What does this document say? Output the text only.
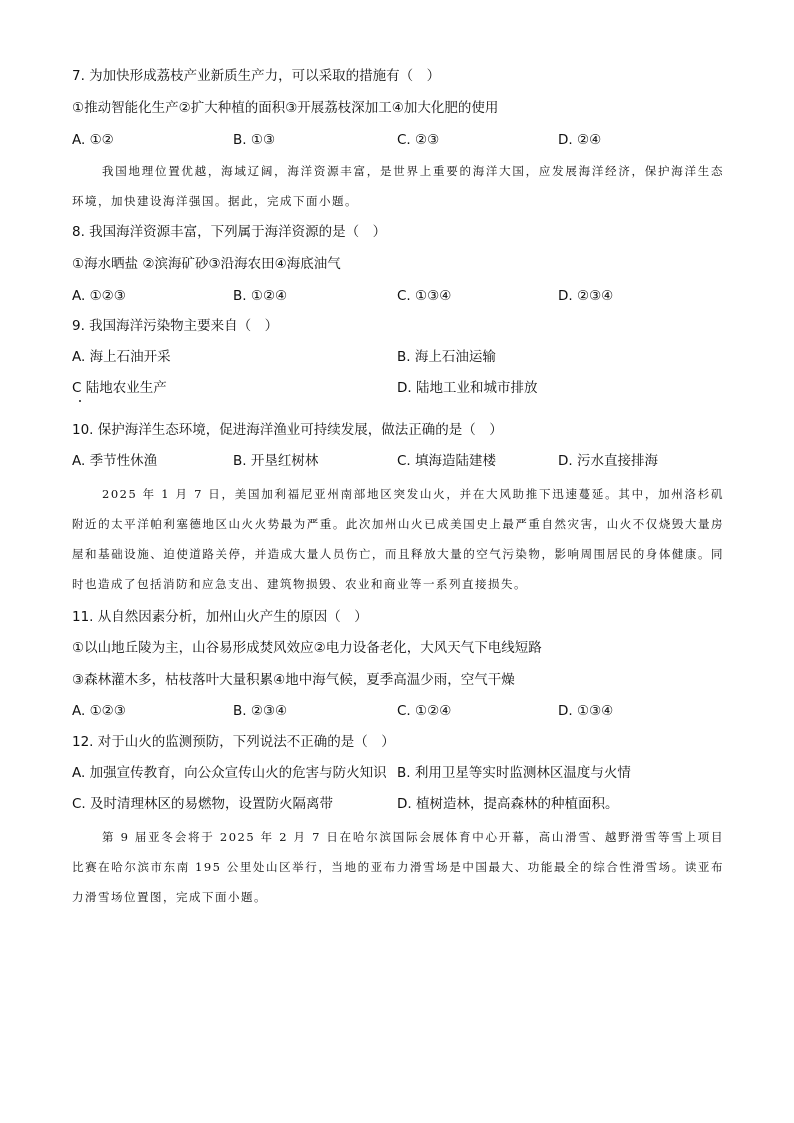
7. 为加快形成荔枝产业新质生产力，可以采取的措施有（　）
①推动智能化生产②扩大种植的面积③开展荔枝深加工④加大化肥的使用
A. ①②	B. ①③	C. ②③	D. ②④
我国地理位置优越，海域辽阔，海洋资源丰富，是世界上重要的海洋大国，应发展海洋经济，保护海洋生态环境，加快建设海洋强国。据此，完成下面小题。
8. 我国海洋资源丰富，下列属于海洋资源的是（　）
①海水晒盐 ②滨海矿砂③沿海农田④海底油气
A. ①②③	B. ①②④	C. ①③④	D. ②③④
9. 我国海洋污染物主要来自（　）
A. 海上石油开采	B. 海上石油运输
C 陆地农业生产	D. 陆地工业和城市排放
10. 保护海洋生态环境，促进海洋渔业可持续发展，做法正确的是（　）
A. 季节性休渔	B. 开垦红树林	C. 填海造陆建楼	D. 污水直接排海
2025 年 1 月 7 日，美国加利福尼亚州南部地区突发山火，并在大风助推下迅速蔓延。其中，加州洛杉矶附近的太平洋帕利塞德地区山火火势最为严重。此次加州山火已成美国史上最严重自然灾害，山火不仅烧毁大量房屋和基础设施、迫使道路关停，并造成大量人员伤亡，而且释放大量的空气污染物，影响周围居民的身体健康。同时也造成了包括消防和应急支出、建筑物损毁、农业和商业等一系列直接损失。
11. 从自然因素分析，加州山火产生的原因（　）
①以山地丘陵为主，山谷易形成焚风效应②电力设备老化，大风天气下电线短路
③森林灌木多，枯枝落叶大量积累④地中海气候，夏季高温少雨，空气干燥
A. ①②③	B. ②③④	C. ①②④	D. ①③④
12. 对于山火的监测预防，下列说法不正确的是（　）
A. 加强宣传教育，向公众宣传山火的危害与防火知识 B. 利用卫星等实时监测林区温度与火情
C. 及时清理林区的易燃物，设置防火隔离带	D. 植树造林，提高森林的种植面积。
第 9 届亚冬会将于 2025 年 2 月 7 日在哈尔滨国际会展体育中心开幕，高山滑雪、越野滑雪等雪上项目比赛在哈尔滨市东南 195 公里处山区举行，当地的亚布力滑雪场是中国最大、功能最全的综合性滑雪场。读亚布力滑雪场位置图，完成下面小题。
